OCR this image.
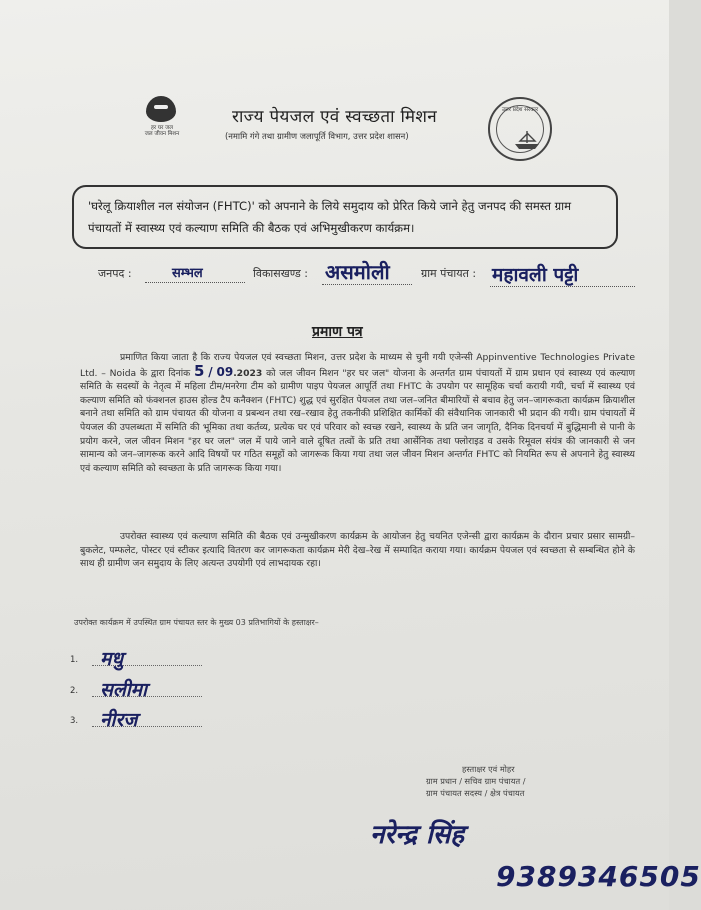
हर घर जल
जल जीवन मिशन
राज्य पेयजल एवं स्वच्छता मिशन
(नमामि गंगे तथा ग्रामीण जलापूर्ति विभाग, उत्तर प्रदेश शासन)
उत्तर प्रदेश सरकार
'घरेलू क्रियाशील नल संयोजन (FHTC)' को अपनाने के लिये समुदाय को प्रेरित किये जाने हेतु जनपद की समस्त ग्राम पंचायतों में स्वास्थ्य एवं कल्याण समिति की बैठक एवं अभिमुखीकरण कार्यक्रम।
जनपद :	सम्भल	विकासखण्ड : असमोली	ग्राम पंचायत : महावली पट्टी
प्रमाण पत्र
प्रमाणित किया जाता है कि राज्य पेयजल एवं स्वच्छता मिशन, उत्तर प्रदेश के माध्यम से चुनी गयी एजेन्सी Appinventive Technologies Private Ltd. – Noida के द्वारा दिनांक 5 / 09.2023 को जल जीवन मिशन "हर घर जल" योजना के अन्तर्गत ग्राम पंचायतों में ग्राम प्रधान एवं स्वास्थ्य एवं कल्याण समिति के सदस्यों के नेतृत्व में महिला टीम/मनरेगा टीम को ग्रामीण पाइप पेयजल आपूर्ति तथा FHTC के उपयोग पर सामूहिक चर्चा करायी गयी, चर्चा में स्वास्थ्य एवं कल्याण समिति को फंक्शनल हाउस होल्ड टैप कनैक्शन (FHTC) शुद्ध एवं सुरक्षित पेयजल तथा जल–जनित बीमारियों से बचाव हेतु जन–जागरूकता कार्यक्रम क्रियाशील बनाने तथा समिति को ग्राम पंचायत की योजना व प्रबन्धन तथा रख–रखाव हेतु तकनीकी प्रशिक्षित कार्मिकों की संवैधानिक जानकारी भी प्रदान की गयी। ग्राम पंचायतों में पेयजल की उपलब्धता में समिति की भूमिका तथा कर्तव्य, प्रत्येक घर एवं परिवार को स्वच्छ रखने, स्वास्थ्य के प्रति जन जागृति, दैनिक दिनचर्या में बुद्धिमानी से पानी के प्रयोग करने, जल जीवन मिशन "हर घर जल" जल में पाये जाने वाले दूषित तत्वों के प्रति तथा आर्सेनिक तथा फ्लोराइड व उसके रिमूवल संयंत्र की जानकारी से जन सामान्य को जन–जागरूक करने आदि विषयों पर गठित समूहों को जागरूक किया गया तथा जल जीवन मिशन अन्तर्गत FHTC को नियमित रूप से अपनाने हेतु स्वास्थ्य एवं कल्याण समिति को स्वच्छता के प्रति जागरूक किया गया।
उपरोक्त स्वास्थ्य एवं कल्याण समिति की बैठक एवं उन्मुखीकरण कार्यक्रम के आयोजन हेतु चयनित एजेन्सी द्वारा कार्यक्रम के दौरान प्रचार प्रसार सामग्री–बुकलेट, पम्फलेट, पोस्टर एवं स्टीकर इत्यादि वितरण कर जागरूकता कार्यक्रम मेरी देख–रेख में सम्पादित कराया गया। कार्यक्रम पेयजल एवं स्वच्छता से सम्बन्धित होने के साथ ही ग्रामीण जन समुदाय के लिए अत्यन्त उपयोगी एवं लाभदायक रहा।
उपरोक्त कार्यक्रम में उपस्थित ग्राम पंचायत स्तर के मुख्य 03 प्रतिभागियों के हस्ताक्षर–
1. मधु
2. सलीमा
3. नीरज
हस्ताक्षर एवं मोहर
ग्राम प्रधान / सचिव ग्राम पंचायत /
ग्राम पंचायत सदस्य / क्षेत्र पंचायत
नरेन्द्र सिंह
9389346505
